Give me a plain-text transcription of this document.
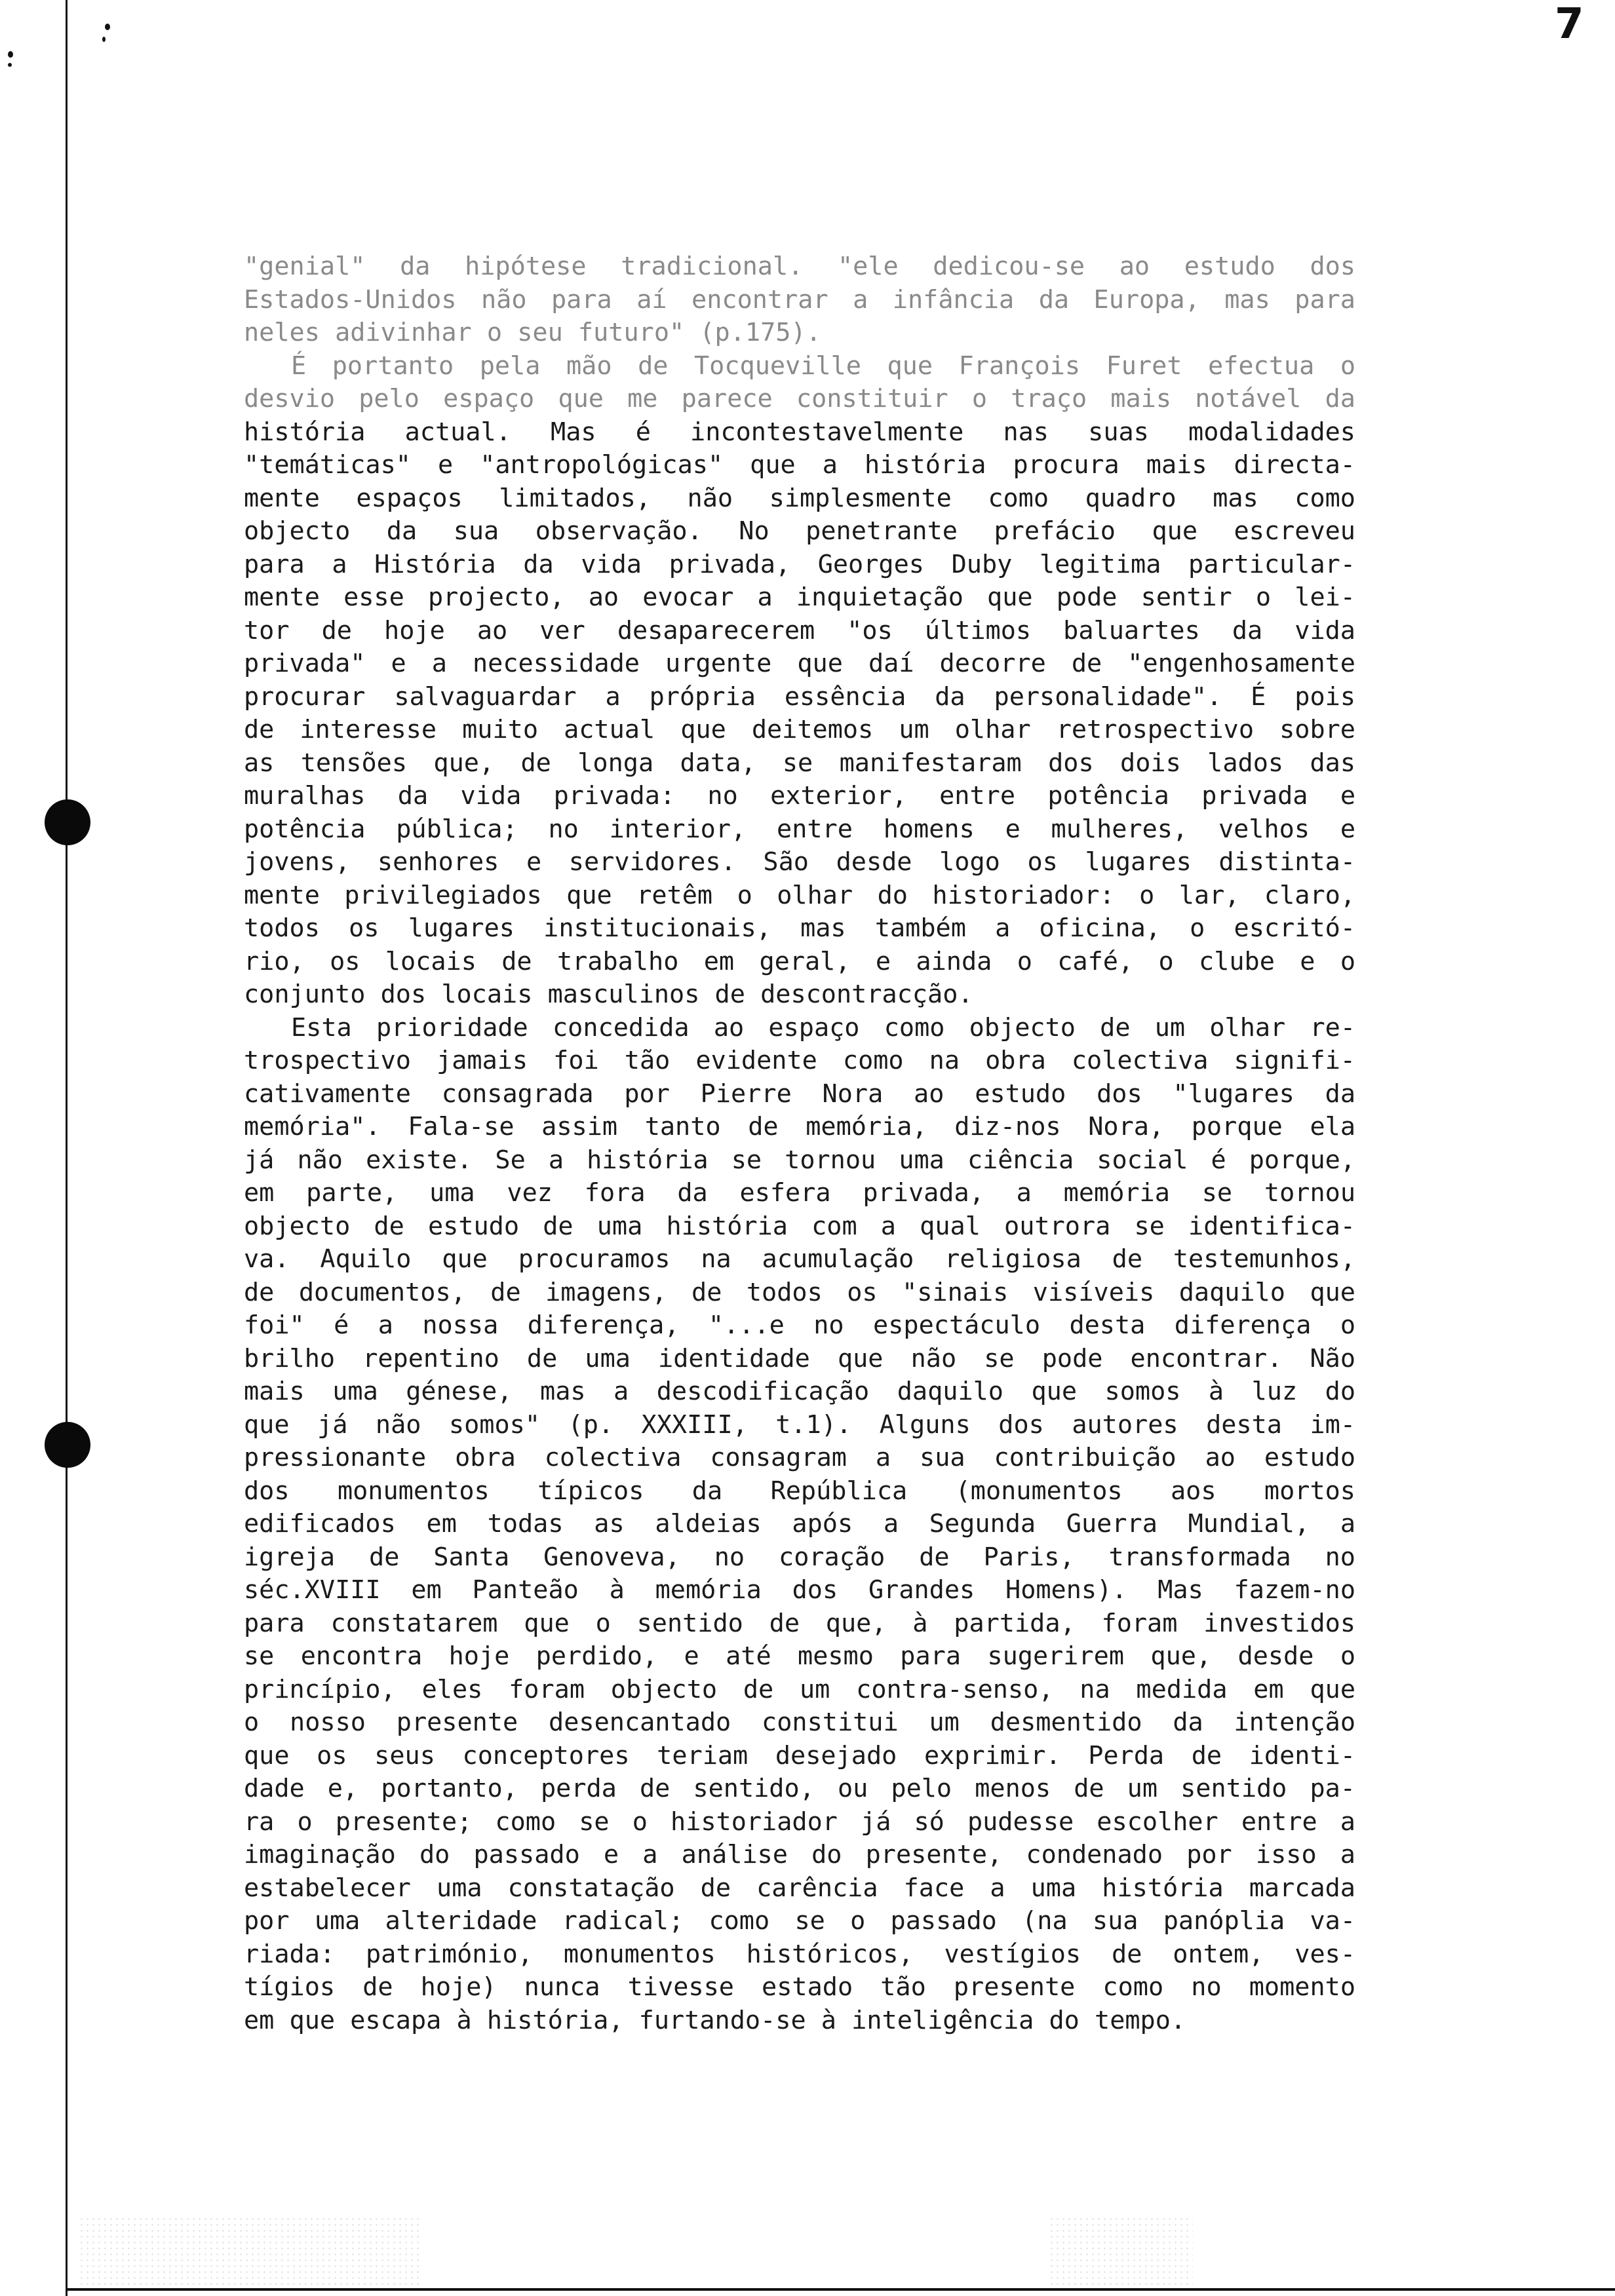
7

"genial" da hipótese tradicional. "ele dedicou-se ao estudo dos
Estados-Unidos não para aí encontrar a infância da Europa, mas para
neles adivinhar o seu futuro" (p.175).

É portanto pela mão de Tocqueville que François Furet efectua o
desvio pelo espaço que me parece constituir o traço mais notável da
história actual. Mas é incontestavelmente nas suas modalidades
"temáticas" e "antropológicas" que a história procura mais directa-
mente espaços limitados, não simplesmente como quadro mas como
objecto da sua observação. No penetrante prefácio que escreveu
para a História da vida privada, Georges Duby legitima particular-
mente esse projecto, ao evocar a inquietação que pode sentir o lei-
tor de hoje ao ver desaparecerem "os últimos baluartes da vida
privada" e a necessidade urgente que daí decorre de "engenhosamente
procurar salvaguardar a própria essência da personalidade". É pois
de interesse muito actual que deitemos um olhar retrospectivo sobre
as tensões que, de longa data, se manifestaram dos dois lados das
muralhas da vida privada: no exterior, entre potência privada e
potência pública; no interior, entre homens e mulheres, velhos e
jovens, senhores e servidores. São desde logo os lugares distinta-
mente privilegiados que retêm o olhar do historiador: o lar, claro,
todos os lugares institucionais, mas também a oficina, o escritó-
rio, os locais de trabalho em geral, e ainda o café, o clube e o
conjunto dos locais masculinos de descontracção.

Esta prioridade concedida ao espaço como objecto de um olhar re-
trospectivo jamais foi tão evidente como na obra colectiva signifi-
cativamente consagrada por Pierre Nora ao estudo dos "lugares da
memória". Fala-se assim tanto de memória, diz-nos Nora, porque ela
já não existe. Se a história se tornou uma ciência social é porque,
em parte, uma vez fora da esfera privada, a memória se tornou
objecto de estudo de uma história com a qual outrora se identifica-
va. Aquilo que procuramos na acumulação religiosa de testemunhos,
de documentos, de imagens, de todos os "sinais visíveis daquilo que
foi" é a nossa diferença, "...e no espectáculo desta diferença o
brilho repentino de uma identidade que não se pode encontrar. Não
mais uma génese, mas a descodificação daquilo que somos à luz do
que já não somos" (p. XXXIII, t.1). Alguns dos autores desta im-
pressionante obra colectiva consagram a sua contribuição ao estudo
dos monumentos típicos da República (monumentos aos mortos
edificados em todas as aldeias após a Segunda Guerra Mundial, a
igreja de Santa Genoveva, no coração de Paris, transformada no
séc.XVIII em Panteão à memória dos Grandes Homens). Mas fazem-no
para constatarem que o sentido de que, à partida, foram investidos
se encontra hoje perdido, e até mesmo para sugerirem que, desde o
princípio, eles foram objecto de um contra-senso, na medida em que
o nosso presente desencantado constitui um desmentido da intenção
que os seus conceptores teriam desejado exprimir. Perda de identi-
dade e, portanto, perda de sentido, ou pelo menos de um sentido pa-
ra o presente; como se o historiador já só pudesse escolher entre a
imaginação do passado e a análise do presente, condenado por isso a
estabelecer uma constatação de carência face a uma história marcada
por uma alteridade radical; como se o passado (na sua panóplia va-
riada: património, monumentos históricos, vestígios de ontem, ves-
tígios de hoje) nunca tivesse estado tão presente como no momento
em que escapa à história, furtando-se à inteligência do tempo.
